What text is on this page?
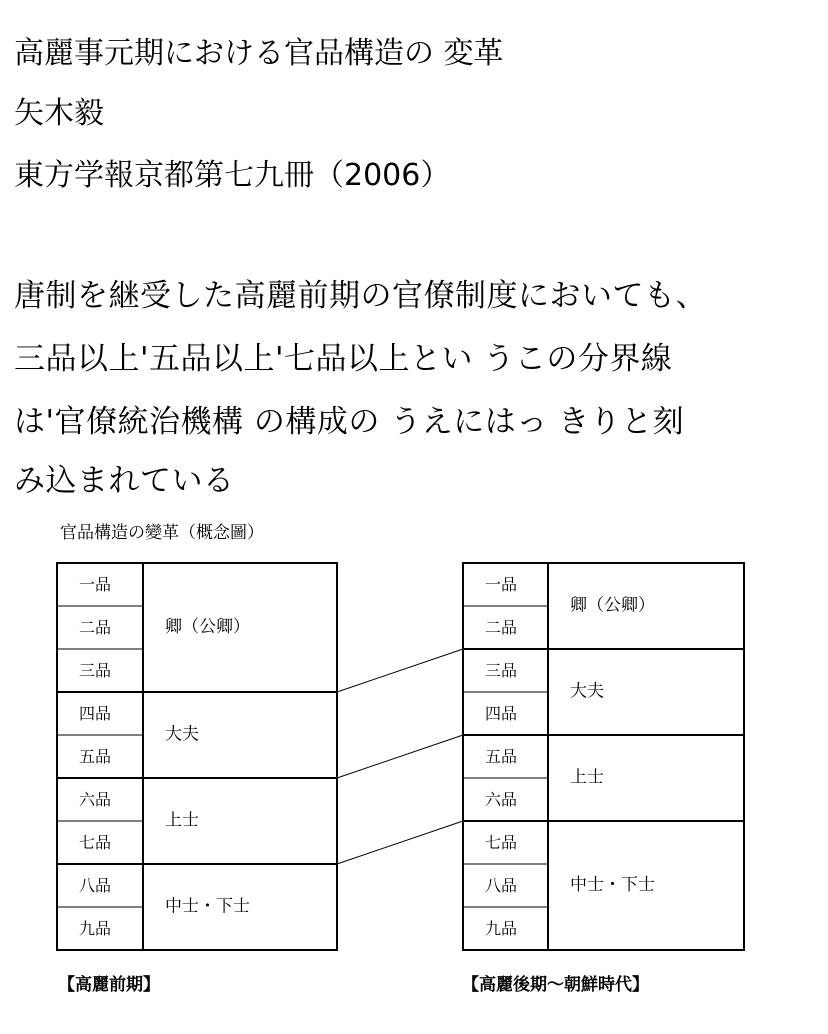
高麗事元期における官品構造の 変革
矢木毅
東方学報京都第七九冊（2006）
唐制を継受した高麗前期の官僚制度においても、
三品以上'五品以上'七品以上とい うこの分界線
は'官僚統治機構 の構成の うえにはっ きりと刻
み込まれている
官品構造の變革（概念圖）
一品
二品
三品
四品
五品
六品
七品
八品
九品
卿（公卿）
大夫
上士
中士・下士
一品
二品
三品
四品
五品
六品
七品
八品
九品
卿（公卿）
大夫
上士
中士・下士
【高麗前期】	【高麗後期～朝鮮時代】
